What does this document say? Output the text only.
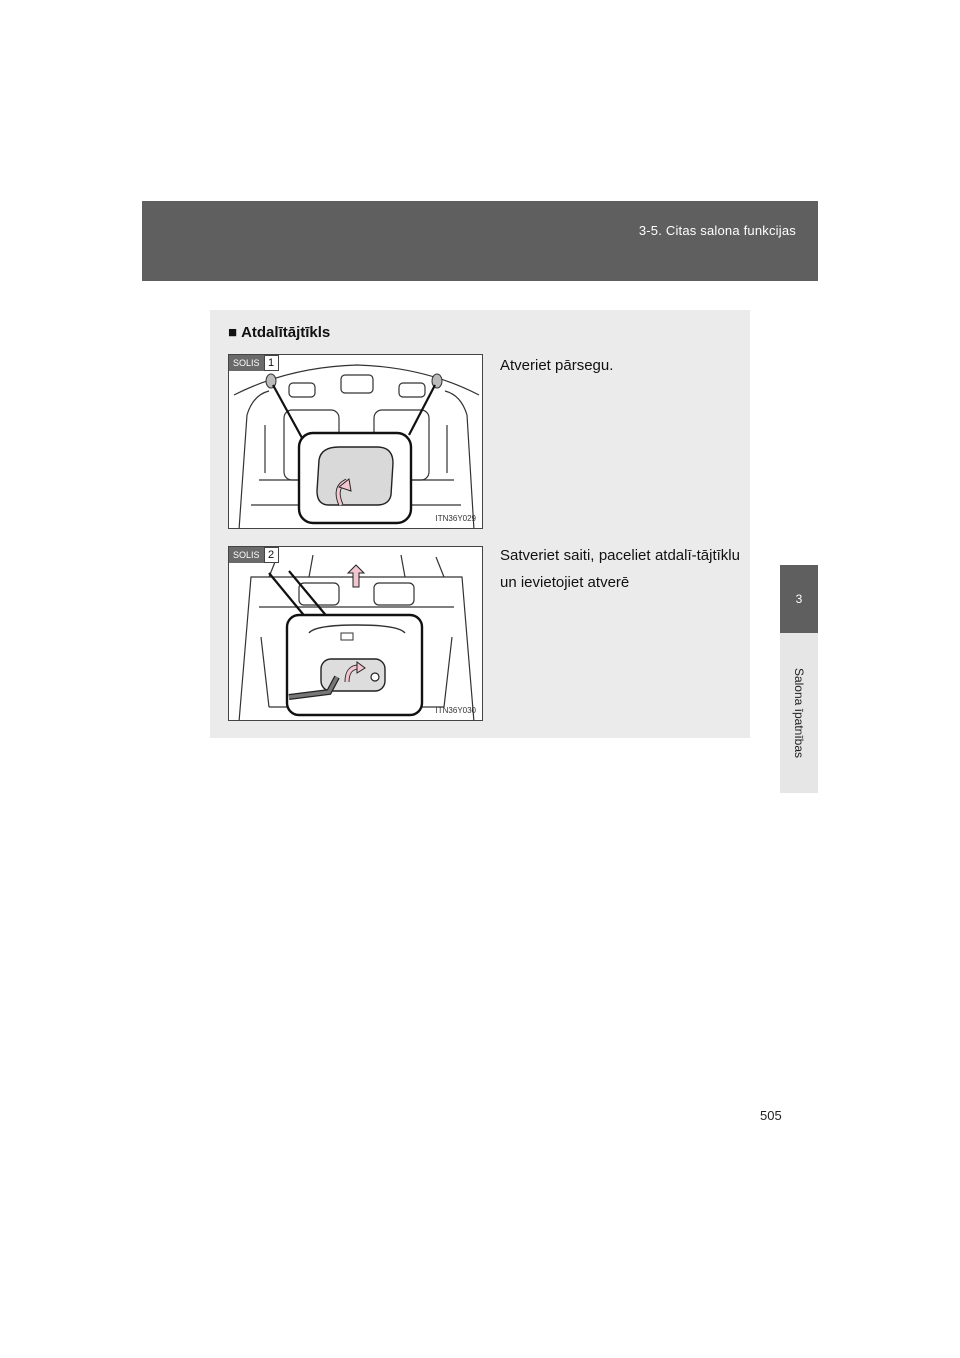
3-5. Citas salona funkcijas
3
Salona īpatnības
■ Atdalītājtīkls
SOLIS 1
ITN36Y029
Atveriet pārsegu.
SOLIS 2
ITN36Y030
Satveriet saiti, paceliet atdalī-tājtīklu un ievietojiet atverē
505
